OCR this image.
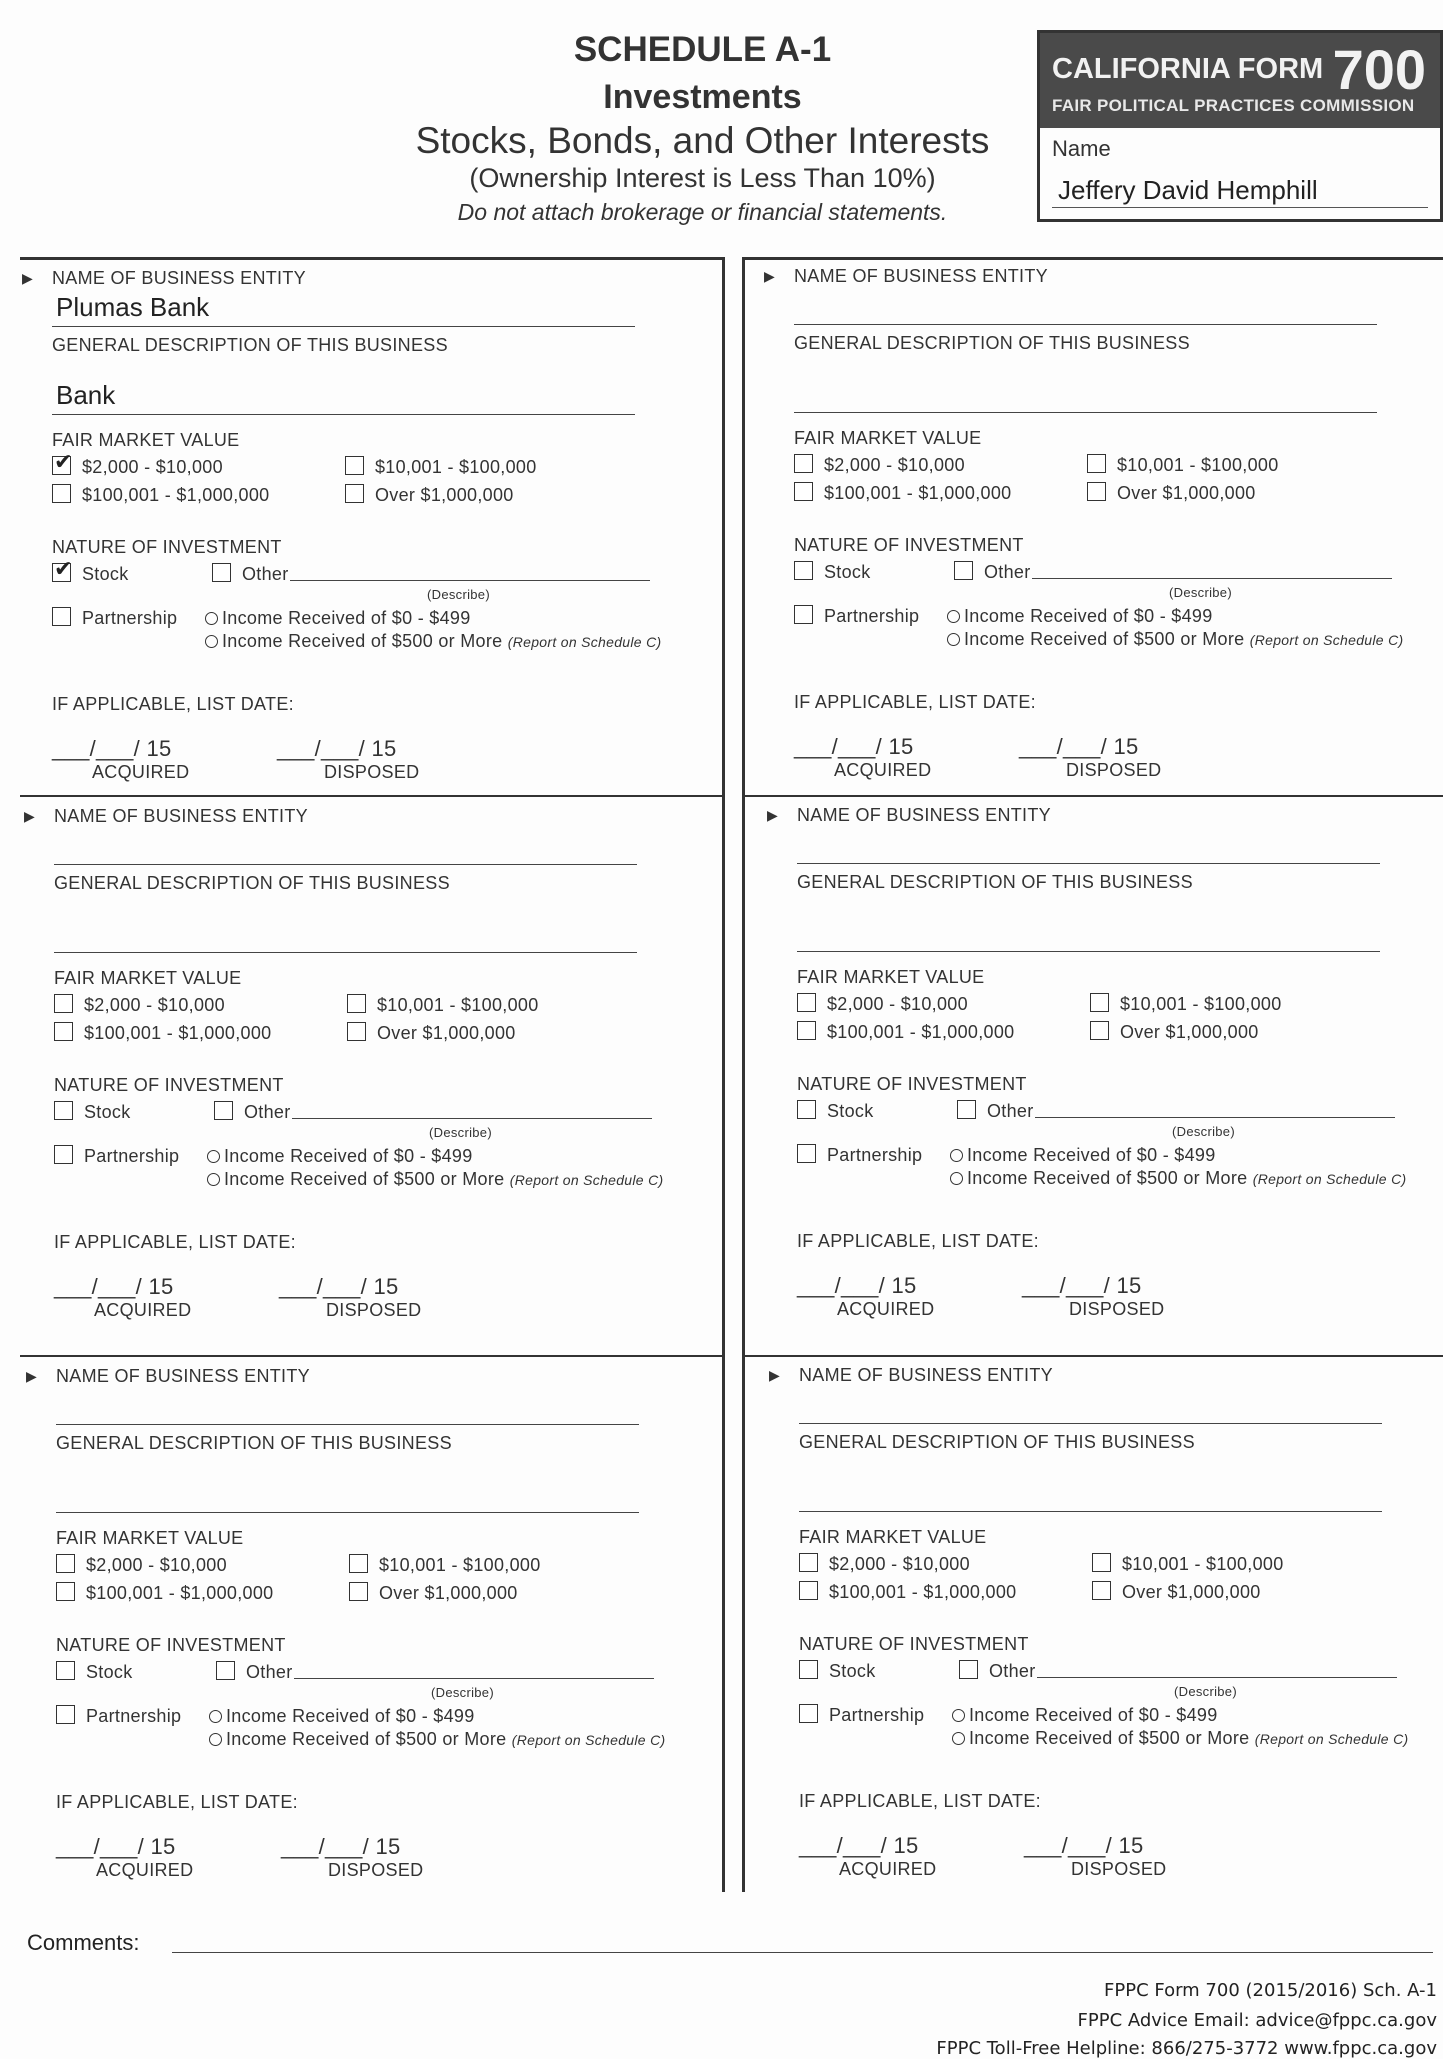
SCHEDULE A-1
Investments
Stocks, Bonds, and Other Interests
(Ownership Interest is Less Than 10%)
Do not attach brokerage or financial statements.
CALIFORNIA FORM 700
FAIR POLITICAL PRACTICES COMMISSION
Name
Jeffery David Hemphill
▶ NAME OF BUSINESS ENTITY
Plumas Bank
GENERAL DESCRIPTION OF THIS BUSINESS
Bank
FAIR MARKET VALUE
✔ $2,000 - $10,000	$10,001 - $100,000
$100,001 - $1,000,000	Over $1,000,000
NATURE OF INVESTMENT
✔ Stock	Other
(Describe)
Partnership	Income Received of $0 - $499
Income Received of $500 or More (Report on Schedule C)
IF APPLICABLE, LIST DATE:
___/___/ 15
ACQUIRED
___/___/ 15
DISPOSED
▶ NAME OF BUSINESS ENTITY
GENERAL DESCRIPTION OF THIS BUSINESS
FAIR MARKET VALUE
$2,000 - $10,000	$10,001 - $100,000
$100,001 - $1,000,000	Over $1,000,000
NATURE OF INVESTMENT
Stock	Other
(Describe)
Partnership	Income Received of $0 - $499
Income Received of $500 or More (Report on Schedule C)
IF APPLICABLE, LIST DATE:
___/___/ 15
ACQUIRED
___/___/ 15
DISPOSED
▶ NAME OF BUSINESS ENTITY
GENERAL DESCRIPTION OF THIS BUSINESS
FAIR MARKET VALUE
$2,000 - $10,000	$10,001 - $100,000
$100,001 - $1,000,000	Over $1,000,000
NATURE OF INVESTMENT
Stock	Other
(Describe)
Partnership	Income Received of $0 - $499
Income Received of $500 or More (Report on Schedule C)
IF APPLICABLE, LIST DATE:
___/___/ 15
ACQUIRED
___/___/ 15
DISPOSED
▶ NAME OF BUSINESS ENTITY
GENERAL DESCRIPTION OF THIS BUSINESS
FAIR MARKET VALUE
$2,000 - $10,000	$10,001 - $100,000
$100,001 - $1,000,000	Over $1,000,000
NATURE OF INVESTMENT
Stock	Other
(Describe)
Partnership	Income Received of $0 - $499
Income Received of $500 or More (Report on Schedule C)
IF APPLICABLE, LIST DATE:
___/___/ 15
ACQUIRED
___/___/ 15
DISPOSED
▶ NAME OF BUSINESS ENTITY
GENERAL DESCRIPTION OF THIS BUSINESS
FAIR MARKET VALUE
$2,000 - $10,000	$10,001 - $100,000
$100,001 - $1,000,000	Over $1,000,000
NATURE OF INVESTMENT
Stock	Other
(Describe)
Partnership	Income Received of $0 - $499
Income Received of $500 or More (Report on Schedule C)
IF APPLICABLE, LIST DATE:
___/___/ 15
ACQUIRED
___/___/ 15
DISPOSED
▶ NAME OF BUSINESS ENTITY
GENERAL DESCRIPTION OF THIS BUSINESS
FAIR MARKET VALUE
$2,000 - $10,000	$10,001 - $100,000
$100,001 - $1,000,000	Over $1,000,000
NATURE OF INVESTMENT
Stock	Other
(Describe)
Partnership	Income Received of $0 - $499
Income Received of $500 or More (Report on Schedule C)
IF APPLICABLE, LIST DATE:
___/___/ 15
ACQUIRED
___/___/ 15
DISPOSED
Comments:
FPPC Form 700 (2015/2016) Sch. A-1
FPPC Advice Email: advice@fppc.ca.gov
FPPC Toll-Free Helpline: 866/275-3772 www.fppc.ca.gov
